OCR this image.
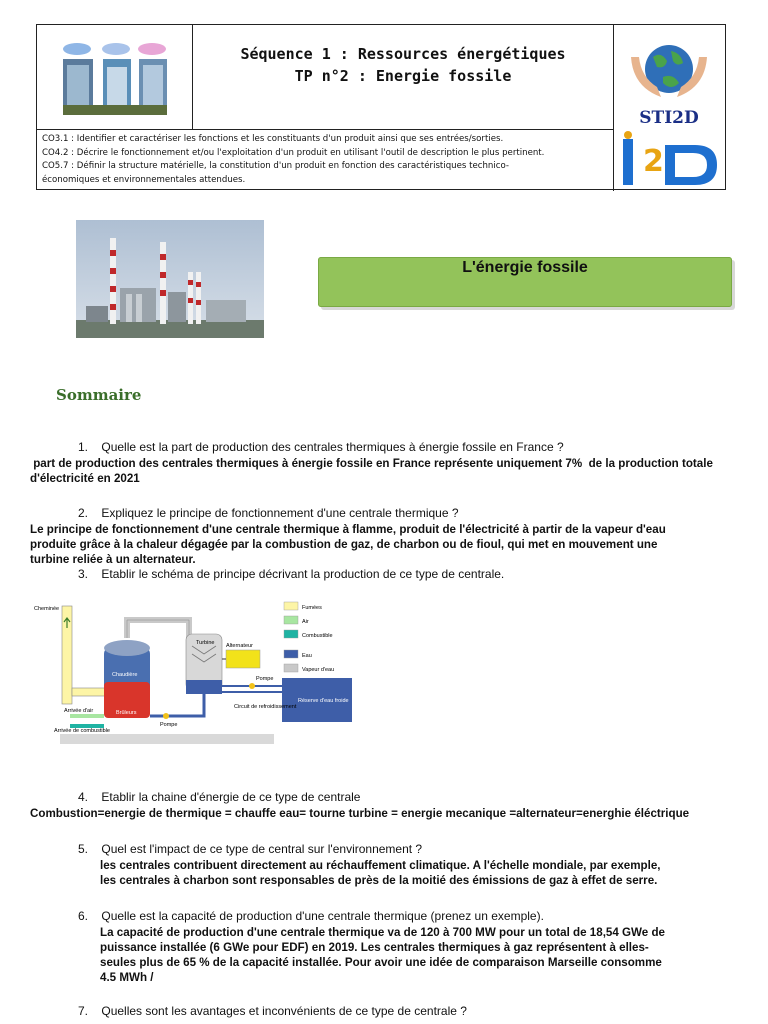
Séquence 1 : Ressources énergétiques
TP n°2 : Energie fossile
STI2D
2
CO3.1 : Identifier et caractériser les fonctions et les constituants d'un produit ainsi que ses entrées/sorties.
CO4.2 : Décrire le fonctionnement et/ou l'exploitation d'un produit en utilisant l'outil de description le plus pertinent.
CO5.7 : Définir la structure matérielle, la constitution d'un produit en fonction des caractéristiques technico-
économiques et environnementales attendues.
L'énergie fossile
Sommaire
1. Quelle est la part de production des centrales thermiques à énergie fossile en France ?
part de production des centrales thermiques à énergie fossile en France représente uniquement 7%  de la production totale
d'électricité en 2021
2. Expliquez le principe de fonctionnement d'une centrale thermique ?
Le principe de fonctionnement d'une centrale thermique à flamme, produit de l'électricité à partir de la vapeur d'eau
produite grâce à la chaleur dégagée par la combustion de gaz, de charbon ou de fioul, qui met en mouvement une
turbine reliée à un alternateur.
3. Etablir le schéma de principe décrivant la production de ce type de centrale.
Cheminée
Chaudière
Brûleurs
Arrivée d'air
Arrivée de combustible
Turbine Alternateur
Réserve d'eau froide
Pompe
Circuit de refroidissement
Pompe
Fumées
Air
Combustible
Eau
Vapeur d'eau
4. Etablir la chaine d'énergie de ce type de centrale
Combustion=energie de thermique = chauffe eau= tourne turbine = energie mecanique =alternateur=energhie éléctrique
5. Quel est l'impact de ce type de central sur l'environnement ?
les centrales contribuent directement au réchauffement climatique. A l'échelle mondiale, par exemple,
les centrales à charbon sont responsables de près de la moitié des émissions de gaz à effet de serre.
6. Quelle est la capacité de production d'une centrale thermique (prenez un exemple).
La capacité de production d'une centrale thermique va de 120 à 700 MW pour un total de 18,54 GWe de
puissance installée (6 GWe pour EDF) en 2019. Les centrales thermiques à gaz représentent à elles-
seules plus de 65 % de la capacité installée. Pour avoir une idée de comparaison Marseille consomme
4.5 MWh /
7. Quelles sont les avantages et inconvénients de ce type de centrale ?
